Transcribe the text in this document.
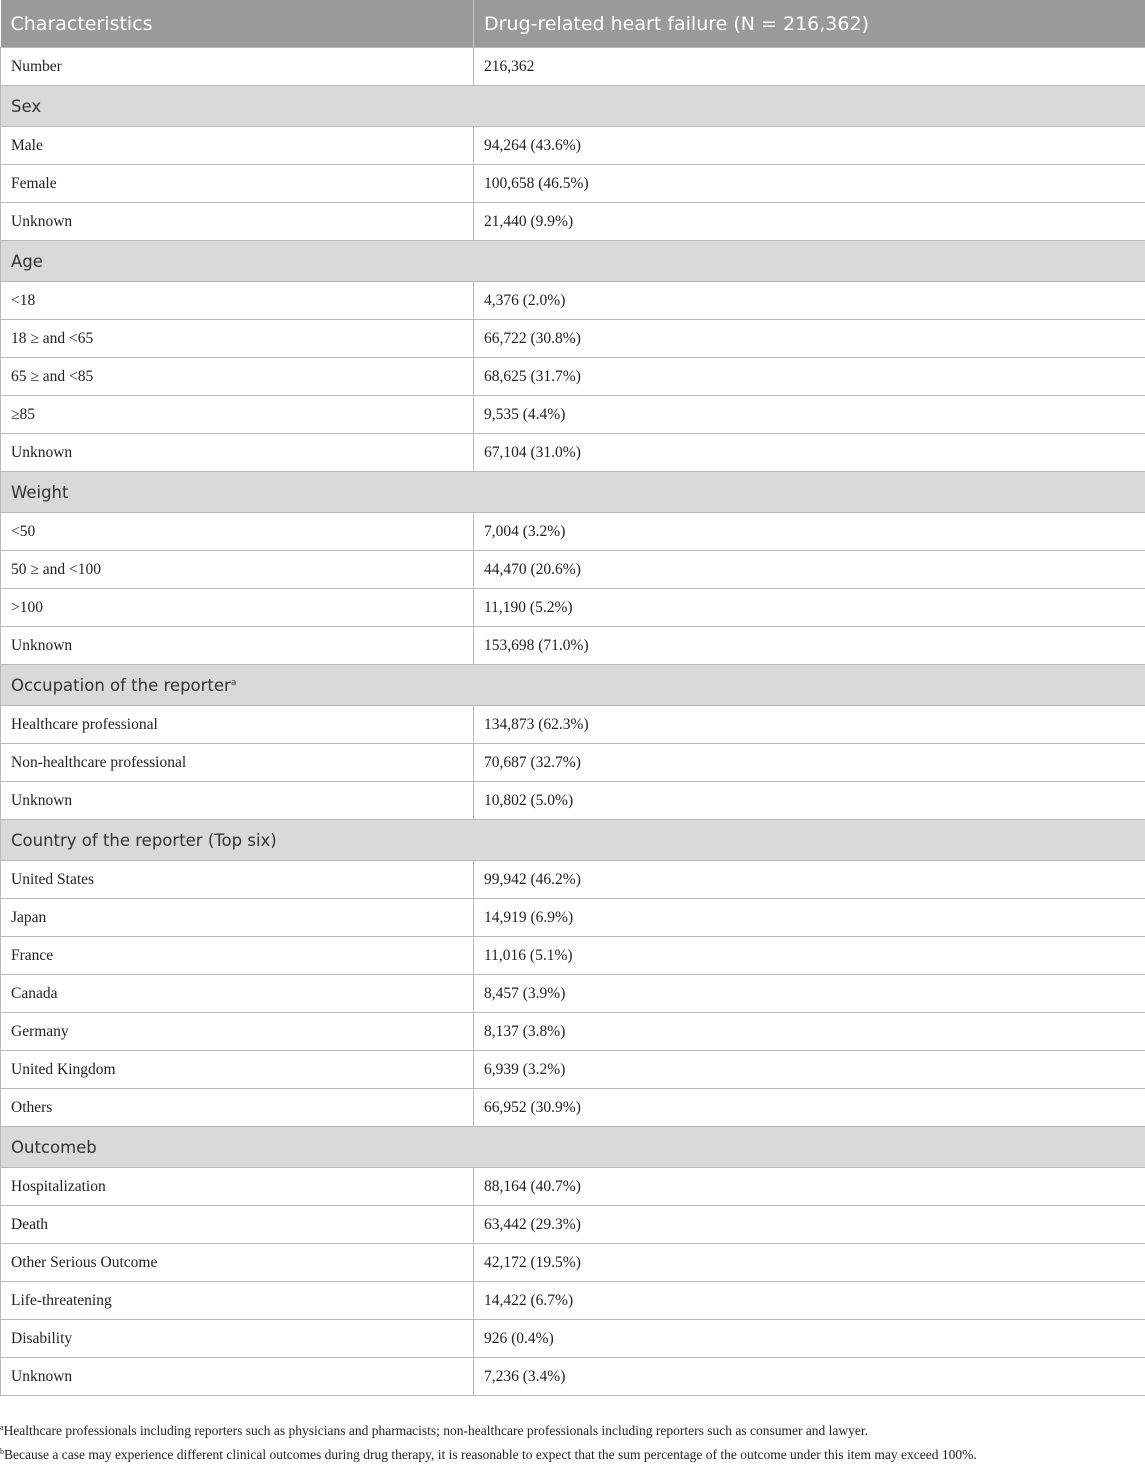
Characteristics	Drug-related heart failure (N = 216,362)
Number	216,362
Sex	
Male	94,264 (43.6%)
Female	100,658 (46.5%)
Unknown	21,440 (9.9%)
Age	
<18	4,376 (2.0%)
18 ≥ and <65	66,722 (30.8%)
65 ≥ and <85	68,625 (31.7%)
≥85	9,535 (4.4%)
Unknown	67,104 (31.0%)
Weight	
<50	7,004 (3.2%)
50 ≥ and <100	44,470 (20.6%)
>100	11,190 (5.2%)
Unknown	153,698 (71.0%)
Occupation of the reporter$^a$
Healthcare professional	134,873 (62.3%)
Non-healthcare professional	70,687 (32.7%)
Unknown	10,802 (5.0%)
Country of the reporter (Top six)	
United States	99,942 (46.2%)
Japan	14,919 (6.9%)
France	11,016 (5.1%)
Canada	8,457 (3.9%)
Germany	8,137 (3.8%)
United Kingdom	6,939 (3.2%)
Others	66,952 (30.9%)
Outcomeb	
Hospitalization	88,164 (40.7%)
Death	63,442 (29.3%)
Other Serious Outcome	42,172 (19.5%)
Life-threatening	14,422 (6.7%)
Disability	926 (0.4%)
Unknown	7,236 (3.4%)

$^a$Healthcare professionals including reporters such as physicians and pharmacists; non-healthcare professionals including reporters such as consumer and lawyer.

$^b$Because a case may experience different clinical outcomes during drug therapy, it is reasonable to expect that the sum percentage of the outcome under this item may exceed 100%.
